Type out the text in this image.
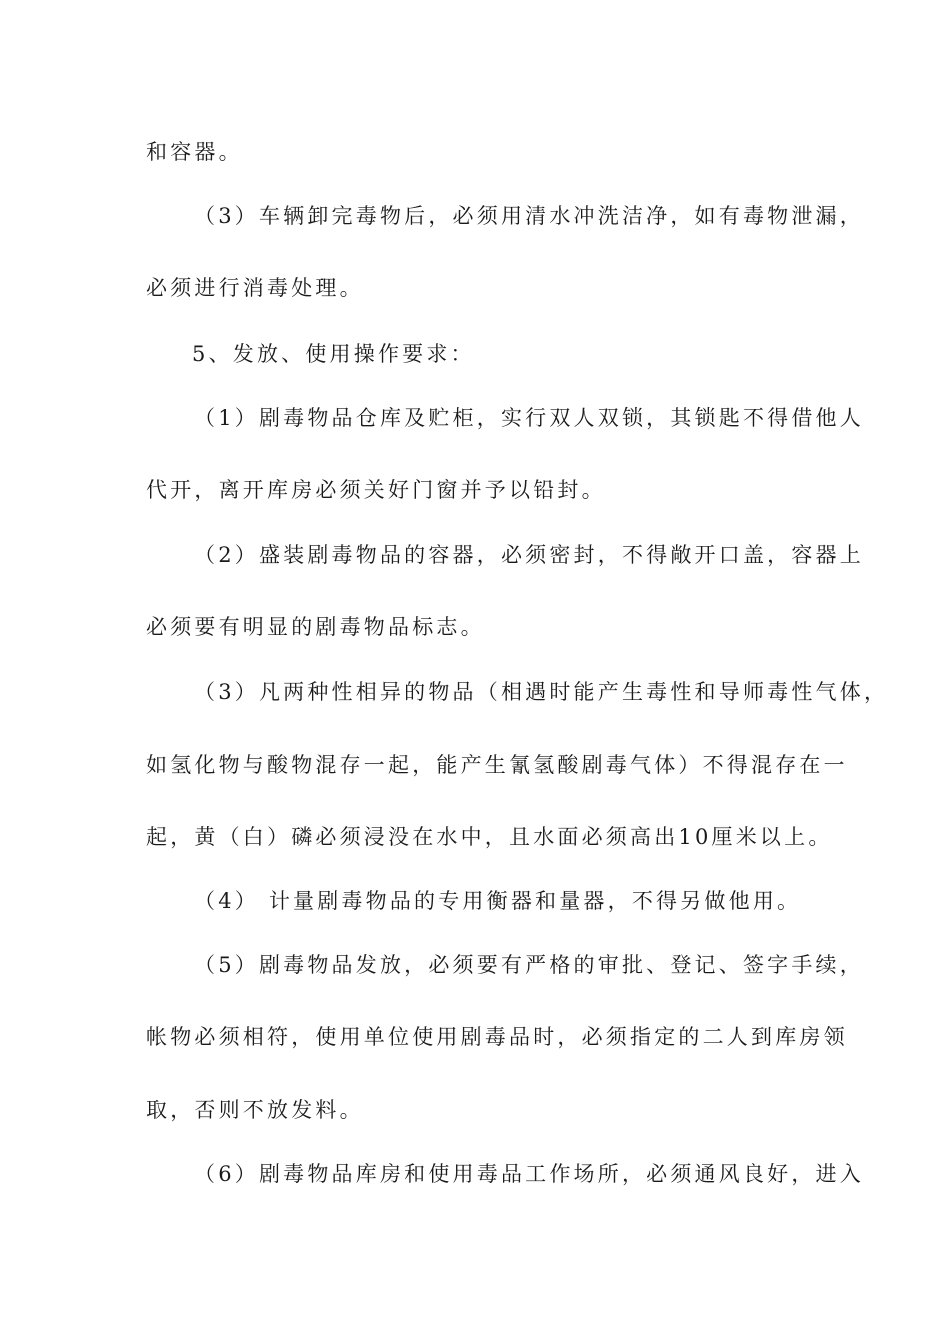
和容器。
（3）车辆卸完毒物后，必须用清水冲洗洁净，如有毒物泄漏，
必须进行消毒处理。
5、发放、使用操作要求：
（1）剧毒物品仓库及贮柜，实行双人双锁，其锁匙不得借他人
代开，离开库房必须关好门窗并予以铅封。
（2）盛装剧毒物品的容器，必须密封，不得敞开口盖，容器上
必须要有明显的剧毒物品标志。
（3）凡两种性相异的物品（相遇时能产生毒性和导师毒性气体，
如氢化物与酸物混存一起，能产生氰氢酸剧毒气体）不得混存在一
起，黄（白）磷必须浸没在水中，且水面必须高出10厘米以上。
（4） 计量剧毒物品的专用衡器和量器，不得另做他用。
（5）剧毒物品发放，必须要有严格的审批、登记、签字手续，
帐物必须相符，使用单位使用剧毒品时，必须指定的二人到库房领
取，否则不放发料。
（6）剧毒物品库房和使用毒品工作场所，必须通风良好，进入
